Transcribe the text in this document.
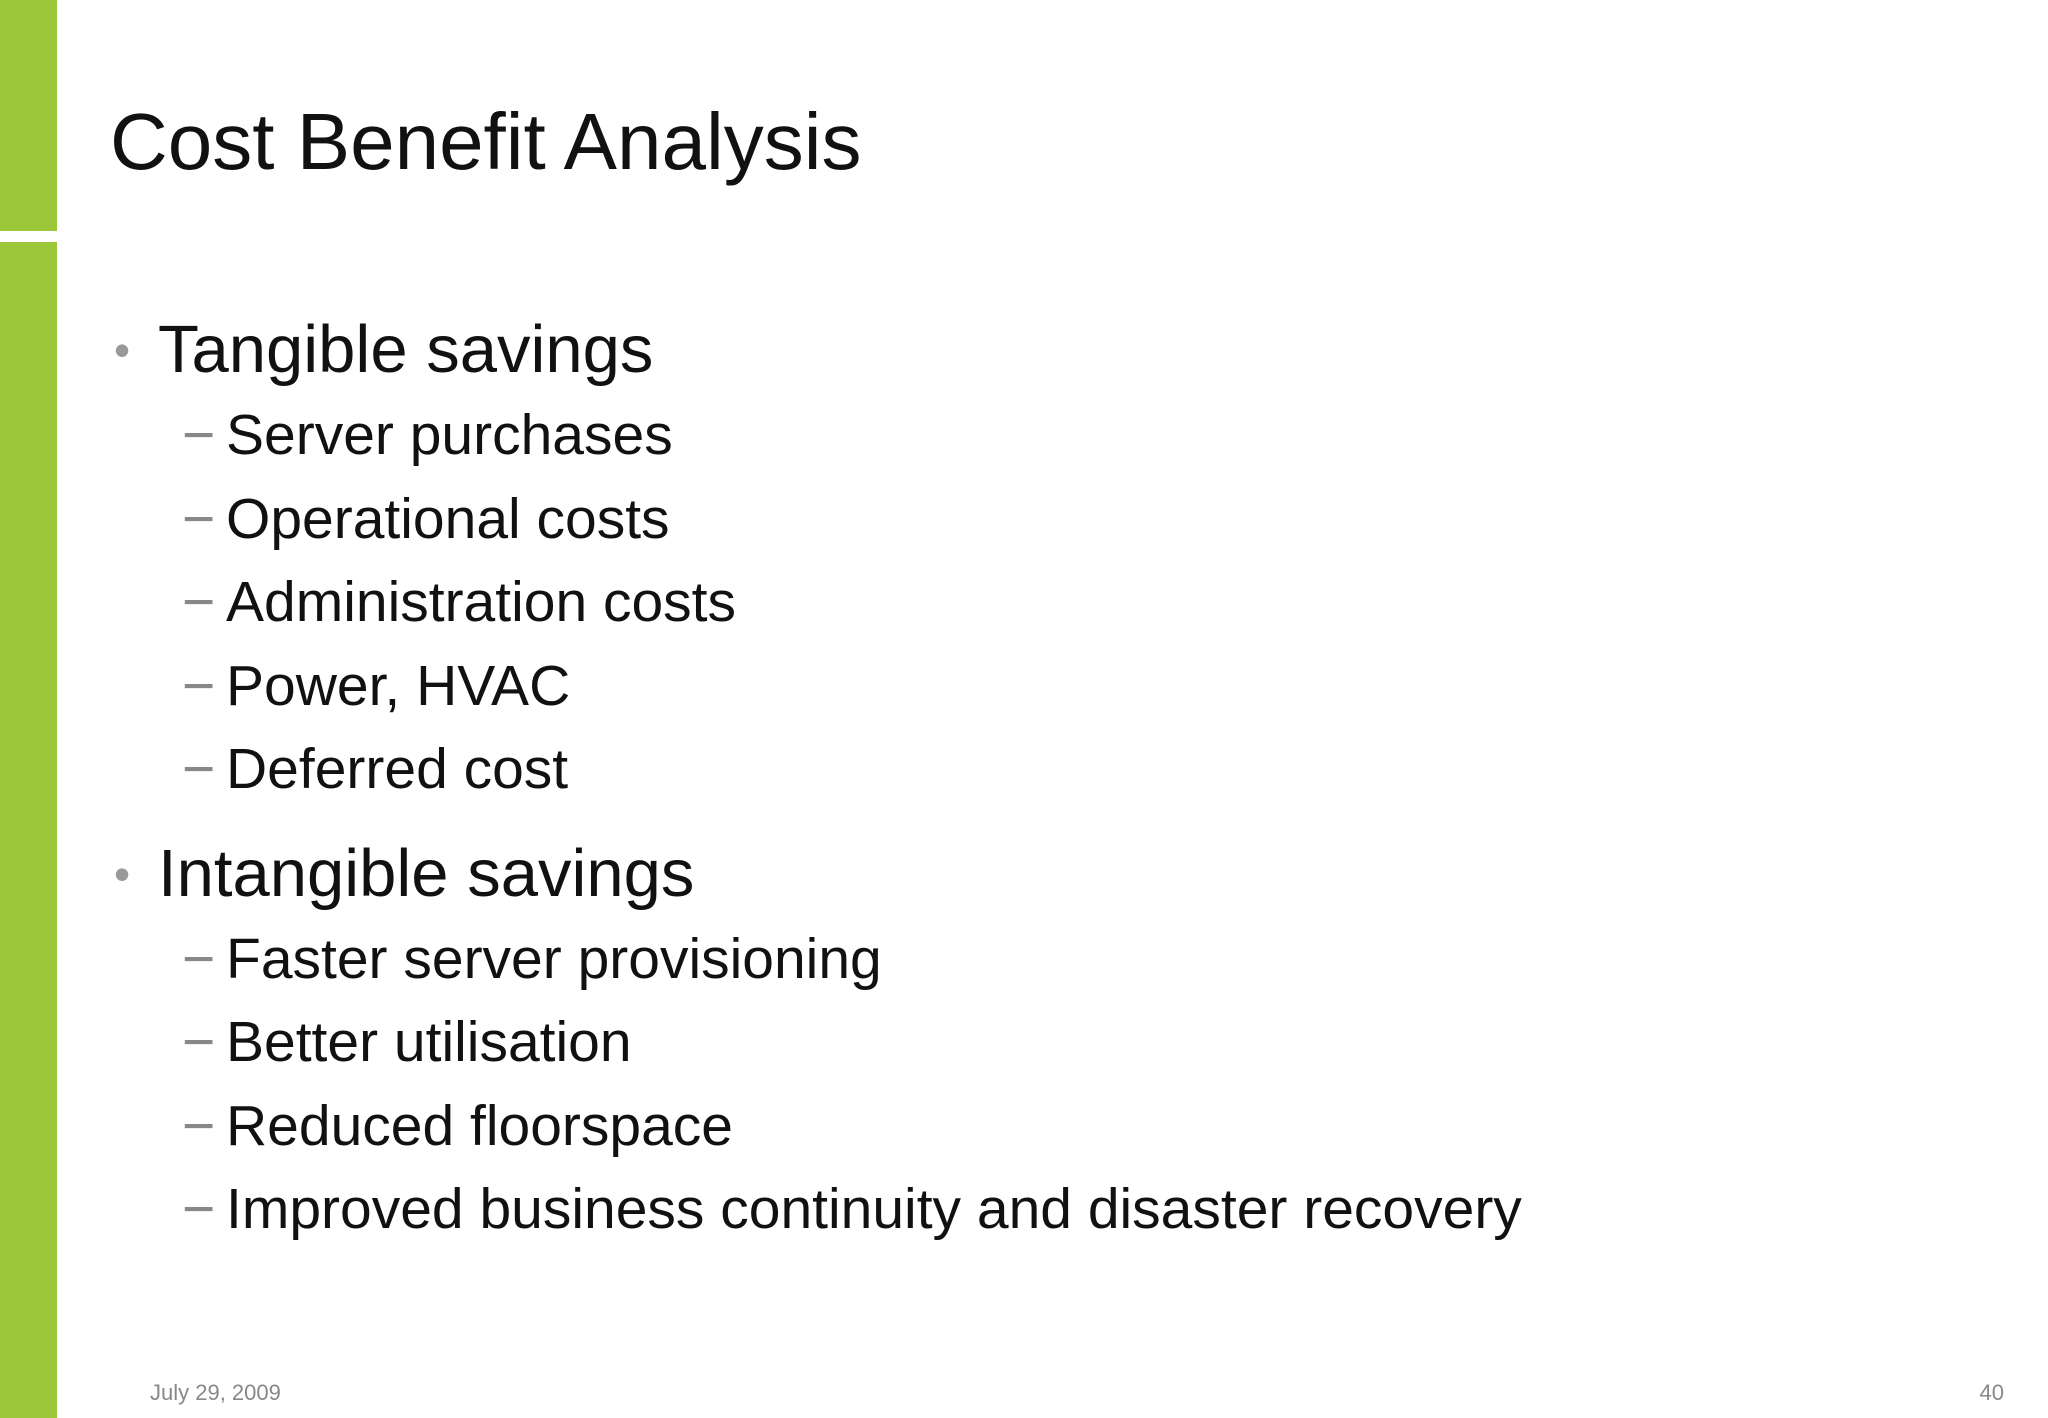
Cost Benefit Analysis
• Tangible savings
− Server purchases
− Operational costs
− Administration costs
− Power, HVAC
− Deferred cost
• Intangible savings
− Faster server provisioning
− Better utilisation
− Reduced floorspace
− Improved business continuity and disaster recovery
July 29, 2009	40
